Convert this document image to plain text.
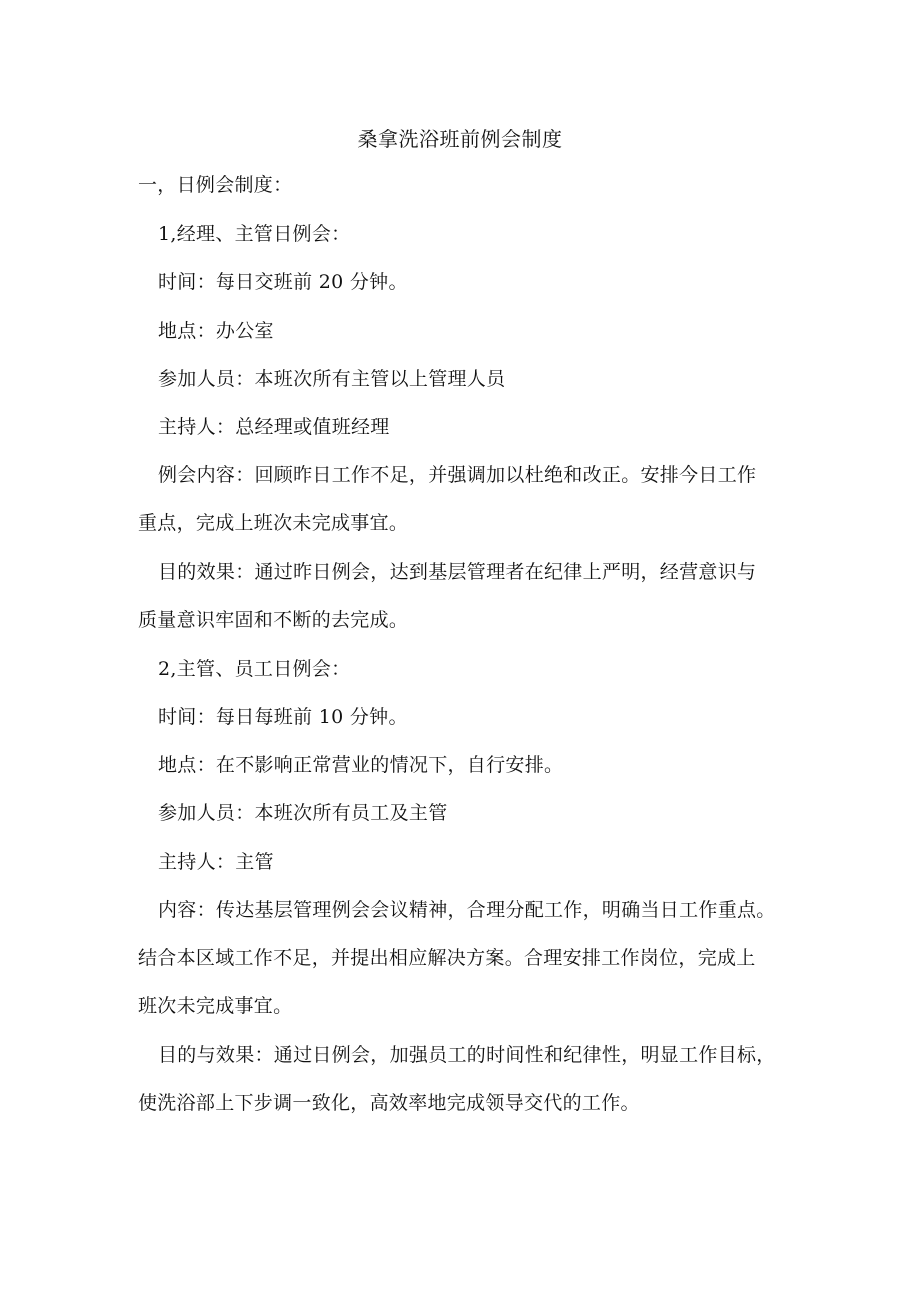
桑拿洗浴班前例会制度
一，日例会制度：
1,经理、主管日例会：
时间：每日交班前 20 分钟。
地点：办公室
参加人员：本班次所有主管以上管理人员
主持人：总经理或值班经理
例会内容：回顾昨日工作不足，并强调加以杜绝和改正。安排今日工作
重点，完成上班次未完成事宜。
目的效果：通过昨日例会，达到基层管理者在纪律上严明，经营意识与
质量意识牢固和不断的去完成。
2,主管、员工日例会：
时间：每日每班前 10 分钟。
地点：在不影响正常营业的情况下，自行安排。
参加人员：本班次所有员工及主管
主持人：主管
内容：传达基层管理例会会议精神，合理分配工作，明确当日工作重点。
结合本区域工作不足，并提出相应解决方案。合理安排工作岗位，完成上
班次未完成事宜。
目的与效果：通过日例会，加强员工的时间性和纪律性，明显工作目标，
使洗浴部上下步调一致化，高效率地完成领导交代的工作。
